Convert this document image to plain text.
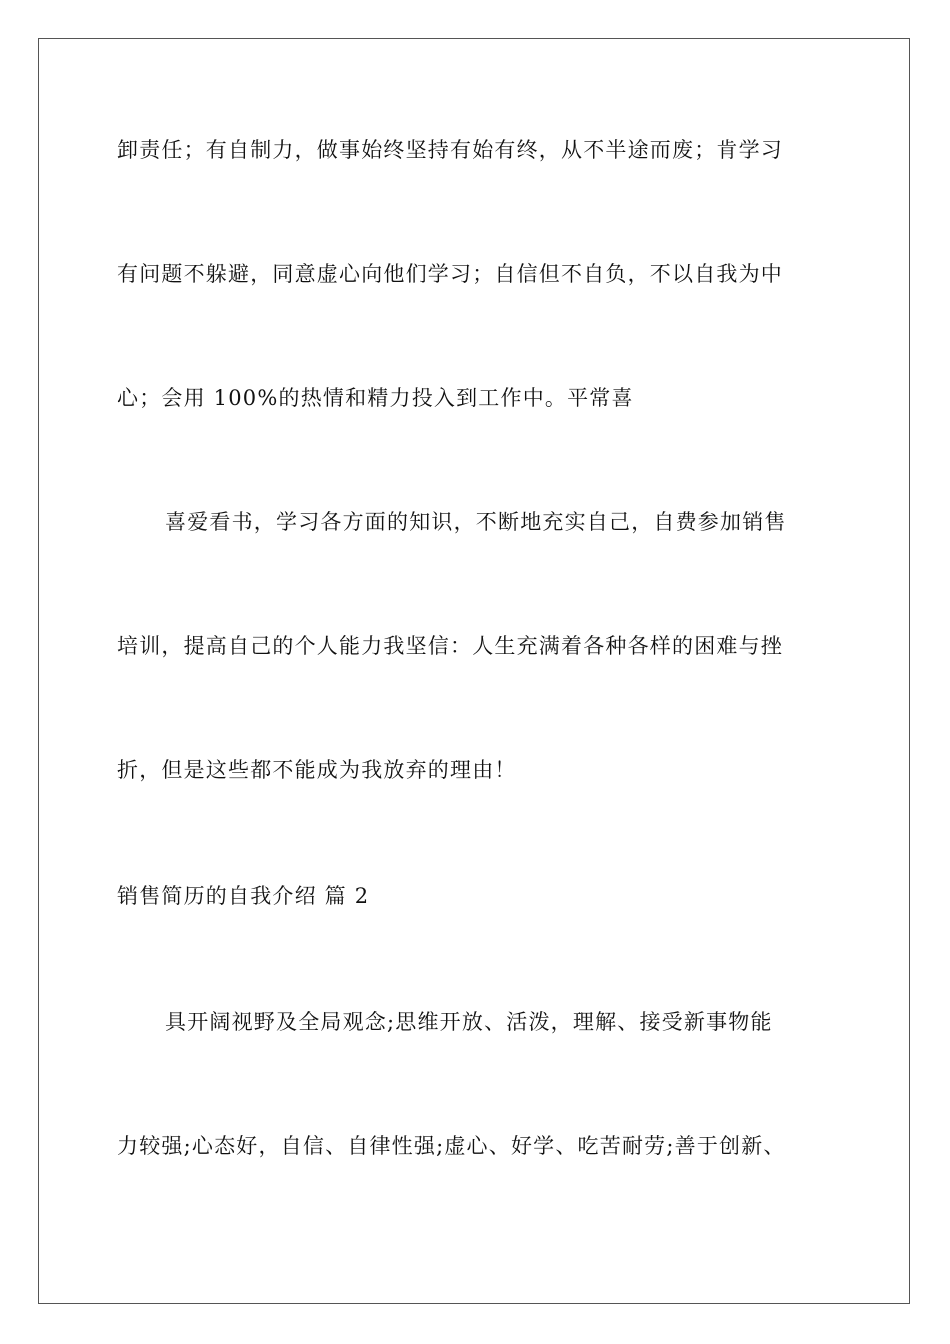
卸责任；有自制力，做事始终坚持有始有终，从不半途而废；肯学习
有问题不躲避，同意虚心向他们学习；自信但不自负，不以自我为中
心；会用 100%的热情和精力投入到工作中。平常喜
喜爱看书，学习各方面的知识，不断地充实自己，自费参加销售
培训，提高自己的个人能力我坚信：人生充满着各种各样的困难与挫
折，但是这些都不能成为我放弃的理由！
销售简历的自我介绍 篇 2
具开阔视野及全局观念;思维开放、活泼，理解、接受新事物能
力较强;心态好，自信、自律性强;虚心、好学、吃苦耐劳;善于创新、
